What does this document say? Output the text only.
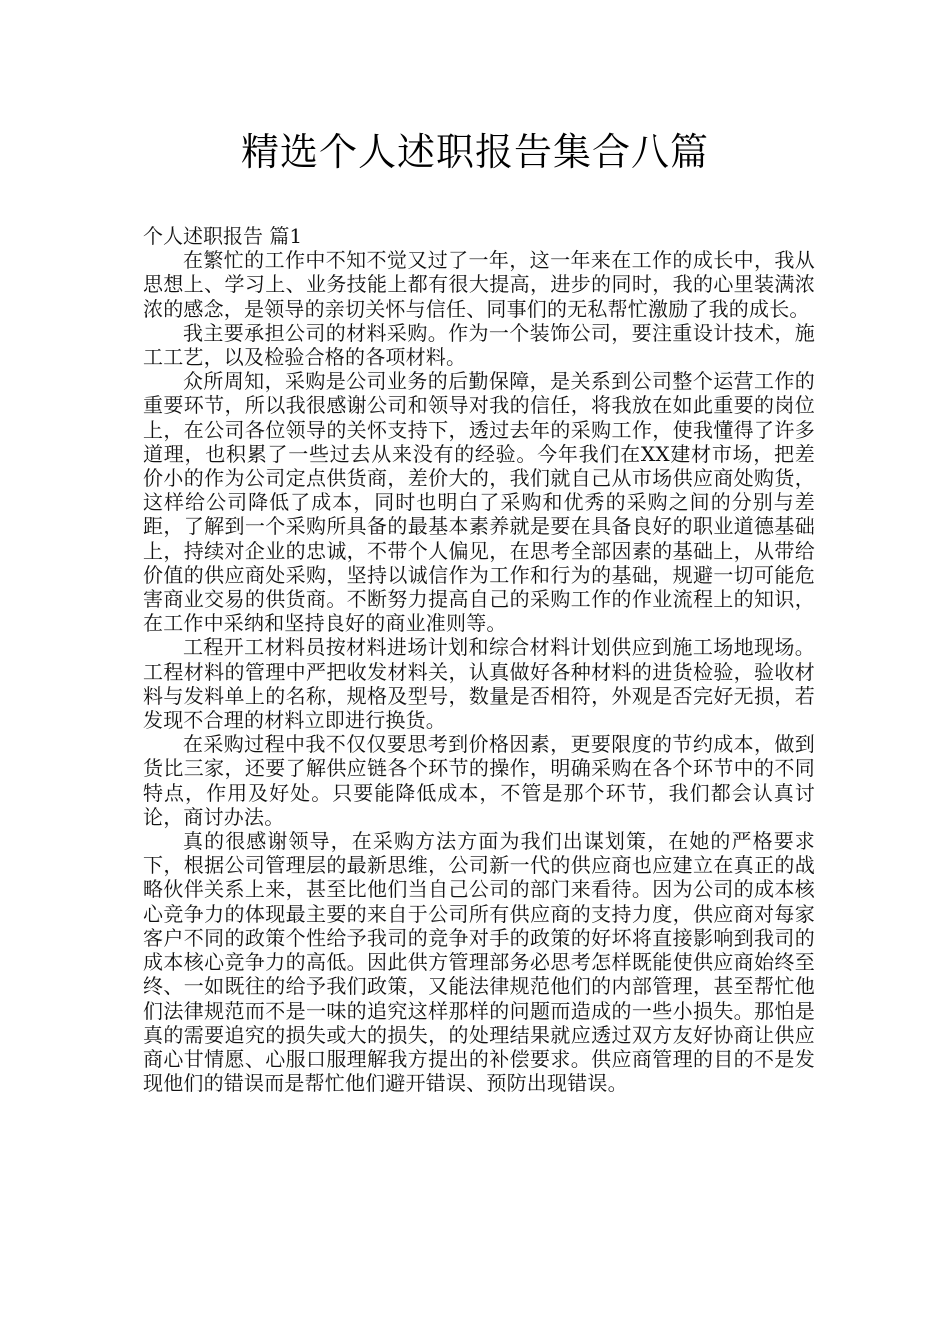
精选个人述职报告集合八篇

个人述职报告 篇1

在繁忙的工作中不知不觉又过了一年，这一年来在工作的成长中，我从思想上、学习上、业务技能上都有很大提高，进步的同时，我的心里装满浓浓的感念，是领导的亲切关怀与信任、同事们的无私帮忙激励了我的成长。

我主要承担公司的材料采购。作为一个装饰公司，要注重设计技术，施工工艺，以及检验合格的各项材料。

众所周知，采购是公司业务的后勤保障，是关系到公司整个运营工作的重要环节，所以我很感谢公司和领导对我的信任，将我放在如此重要的岗位上，在公司各位领导的关怀支持下，透过去年的采购工作，使我懂得了许多道理，也积累了一些过去从来没有的经验。今年我们在XX建材市场，把差价小的作为公司定点供货商，差价大的，我们就自己从市场供应商处购货，这样给公司降低了成本，同时也明白了采购和优秀的采购之间的分别与差距，了解到一个采购所具备的最基本素养就是要在具备良好的职业道德基础上，持续对企业的忠诚，不带个人偏见，在思考全部因素的基础上，从带给价值的供应商处采购，坚持以诚信作为工作和行为的基础，规避一切可能危害商业交易的供货商。不断努力提高自己的采购工作的作业流程上的知识，在工作中采纳和坚持良好的商业准则等。

工程开工材料员按材料进场计划和综合材料计划供应到施工场地现场。工程材料的管理中严把收发材料关，认真做好各种材料的进货检验，验收材料与发料单上的名称，规格及型号，数量是否相符，外观是否完好无损，若发现不合理的材料立即进行换货。

在采购过程中我不仅仅要思考到价格因素，更要限度的节约成本，做到货比三家，还要了解供应链各个环节的操作，明确采购在各个环节中的不同特点，作用及好处。只要能降低成本，不管是那个环节，我们都会认真讨论，商讨办法。

真的很感谢领导，在采购方法方面为我们出谋划策，在她的严格要求下，根据公司管理层的最新思维，公司新一代的供应商也应建立在真正的战略伙伴关系上来，甚至比他们当自己公司的部门来看待。因为公司的成本核心竞争力的体现最主要的来自于公司所有供应商的支持力度，供应商对每家客户不同的政策个性给予我司的竞争对手的政策的好坏将直接影响到我司的成本核心竞争力的高低。因此供方管理部务必思考怎样既能使供应商始终至终、一如既往的给予我们政策，又能法律规范他们的内部管理，甚至帮忙他们法律规范而不是一味的追究这样那样的问题而造成的一些小损失。那怕是真的需要追究的损失或大的损失，的处理结果就应透过双方友好协商让供应商心甘情愿、心服口服理解我方提出的补偿要求。供应商管理的目的不是发现他们的错误而是帮忙他们避开错误、预防出现错误。
